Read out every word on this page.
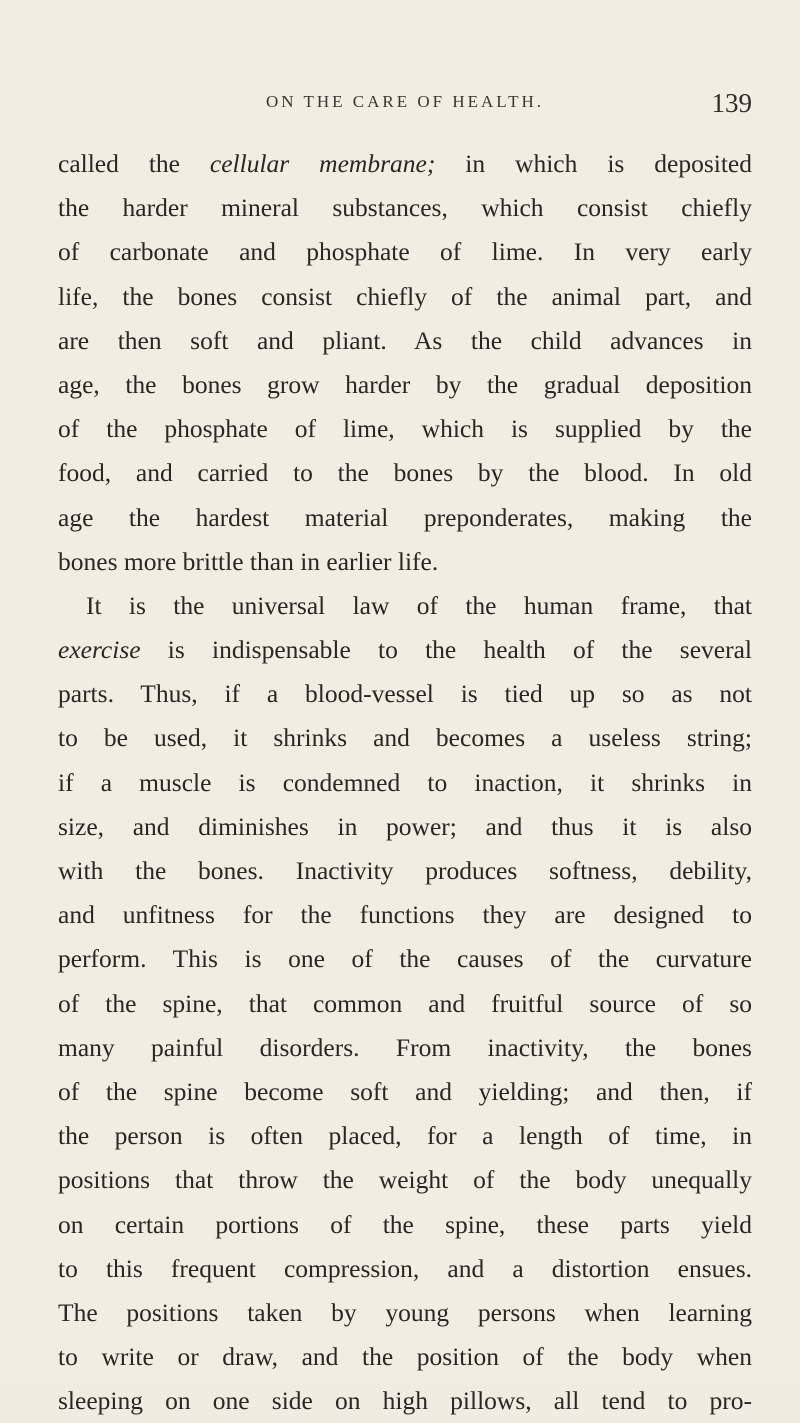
ON THE CARE OF HEALTH.	139
called the cellular membrane; in which is deposited
the harder mineral substances, which consist chiefly
of carbonate and phosphate of lime. In very early
life, the bones consist chiefly of the animal part, and
are then soft and pliant. As the child advances in
age, the bones grow harder by the gradual deposition
of the phosphate of lime, which is supplied by the
food, and carried to the bones by the blood. In old
age the hardest material preponderates, making the
bones more brittle than in earlier life.
It is the universal law of the human frame, that
exercise is indispensable to the health of the several
parts. Thus, if a blood-vessel is tied up so as not
to be used, it shrinks and becomes a useless string;
if a muscle is condemned to inaction, it shrinks in
size, and diminishes in power; and thus it is also
with the bones. Inactivity produces softness, debility,
and unfitness for the functions they are designed to
perform. This is one of the causes of the curvature
of the spine, that common and fruitful source of so
many painful disorders. From inactivity, the bones
of the spine become soft and yielding; and then, if
the person is often placed, for a length of time, in
positions that throw the weight of the body unequally
on certain portions of the spine, these parts yield
to this frequent compression, and a distortion ensues.
The positions taken by young persons when learning
to write or draw, and the position of the body when
sleeping on one side on high pillows, all tend to pro-
